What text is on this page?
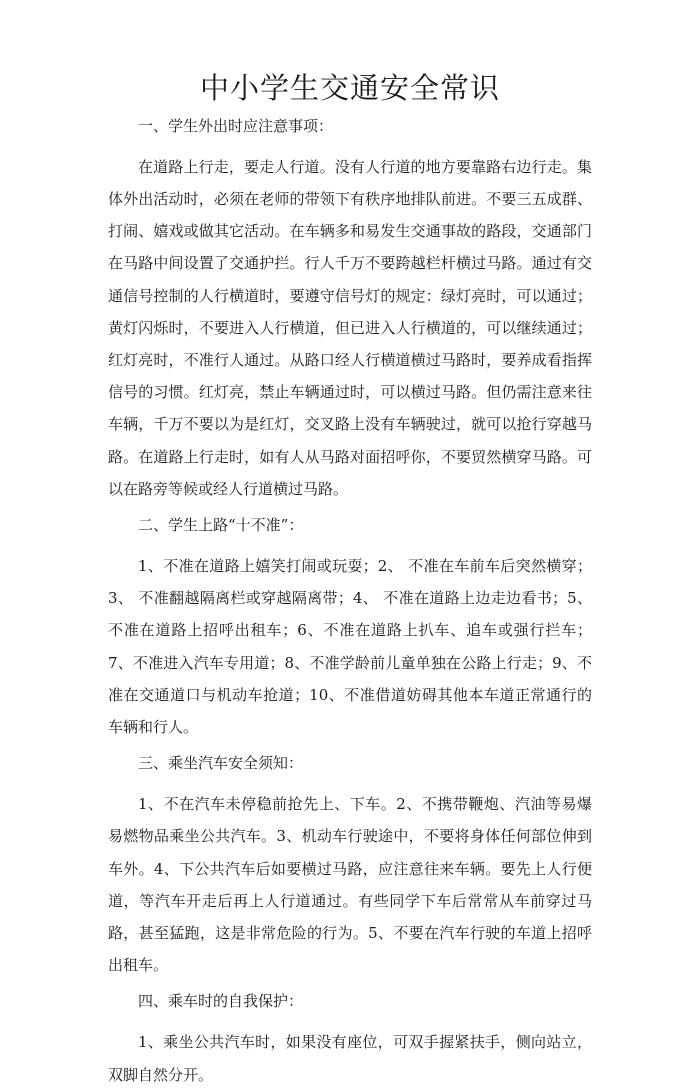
中小学生交通安全常识

一、学生外出时应注意事项：

在道路上行走，要走人行道。没有人行道的地方要靠路右边行走。集体外出活动时，必须在老师的带领下有秩序地排队前进。不要三五成群、打闹、嬉戏或做其它活动。在车辆多和易发生交通事故的路段，交通部门在马路中间设置了交通护拦。行人千万不要跨越栏杆横过马路。通过有交通信号控制的人行横道时，要遵守信号灯的规定：绿灯亮时，可以通过；黄灯闪烁时，不要进入人行横道，但已进入人行横道的，可以继续通过；红灯亮时，不准行人通过。从路口经人行横道横过马路时，要养成看指挥信号的习惯。红灯亮，禁止车辆通过时，可以横过马路。但仍需注意来往车辆，千万不要以为是红灯，交叉路上没有车辆驶过，就可以抢行穿越马路。在道路上行走时，如有人从马路对面招呼你，不要贸然横穿马路。可以在路旁等候或经人行道横过马路。

二、学生上路“十不准”：

1、不准在道路上嬉笑打闹或玩耍；2、 不准在车前车后突然横穿；3、 不准翻越隔离栏或穿越隔离带；4、 不准在道路上边走边看书；5、不准在道路上招呼出租车；6、不准在道路上扒车、追车或强行拦车；7、不准进入汽车专用道；8、不准学龄前儿童单独在公路上行走；9、不准在交通道口与机动车抢道；10、不准借道妨碍其他本车道正常通行的车辆和行人。

三、乘坐汽车安全须知：

1、不在汽车未停稳前抢先上、下车。2、不携带鞭炮、汽油等易爆易燃物品乘坐公共汽车。3、机动车行驶途中，不要将身体任何部位伸到车外。4、下公共汽车后如要横过马路，应注意往来车辆。要先上人行便道，等汽车开走后再上人行道通过。有些同学下车后常常从车前穿过马路，甚至猛跑，这是非常危险的行为。5、不要在汽车行驶的车道上招呼出租车。

四、乘车时的自我保护：

1、乘坐公共汽车时，如果没有座位，可双手握紧扶手，侧向站立，双脚自然分开。
